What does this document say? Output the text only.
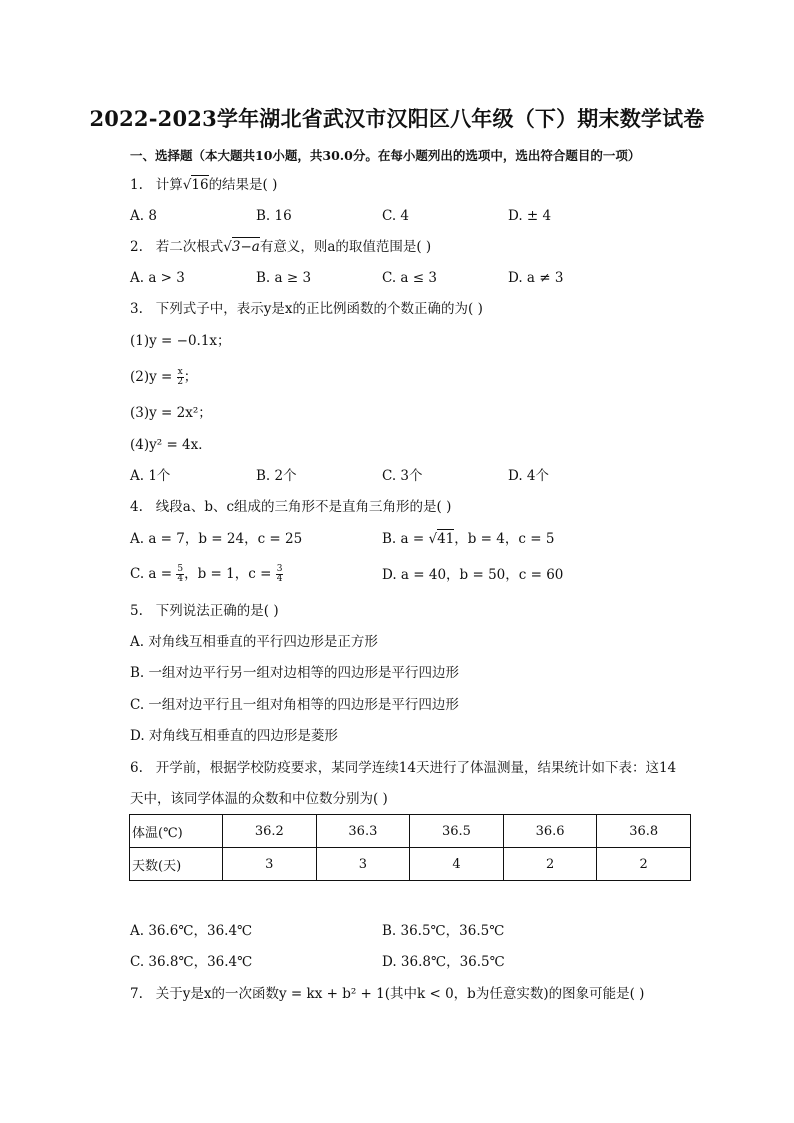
2022-2023学年湖北省武汉市汉阳区八年级（下）期末数学试卷
一、选择题（本大题共10小题，共30.0分。在每小题列出的选项中，选出符合题目的一项）
1. 计算√16的结果是( )
A. 8	B. 16	C. 4	D. ± 4
2. 若二次根式√3−a有意义，则a的取值范围是( )
A. a > 3	B. a ≥ 3	C. a ≤ 3	D. a ≠ 3
3. 下列式子中，表示y是x的正比例函数的个数正确的为( )
(1)y = −0.1x；
$(2)y = \frac{x}{2}$ ；
(3)y = 2x²；
(4)y² = 4x．
A. 1个	B. 2个	C. 3个	D. 4个
4. 线段a、b、c组成的三角形不是直角三角形的是( )
A. a = 7，b = 24，c = 25	B. a = √41，b = 4，c = 5
C. $a = \frac{5}{4}$ ，b = 1，$c = \frac{3}{4}$	D. a = 40，b = 50，c = 60
5. 下列说法正确的是( )
A. 对角线互相垂直的平行四边形是正方形
B. 一组对边平行另一组对边相等的四边形是平行四边形
C. 一组对边平行且一组对角相等的四边形是平行四边形
D. 对角线互相垂直的四边形是菱形
6. 开学前，根据学校防疫要求，某同学连续14天进行了体温测量，结果统计如下表：这14
天中，该同学体温的众数和中位数分别为( )
体温(℃)	36.2	36.3	36.5	36.6	36.8
天数(天)	3	3	4	2	2
A. 36.6℃，36.4℃	B. 36.5℃，36.5℃
C. 36.8℃，36.4℃	D. 36.8℃，36.5℃
7. 关于y是x的一次函数y = kx + b² + 1(其中k < 0，b为任意实数)的图象可能是( )
